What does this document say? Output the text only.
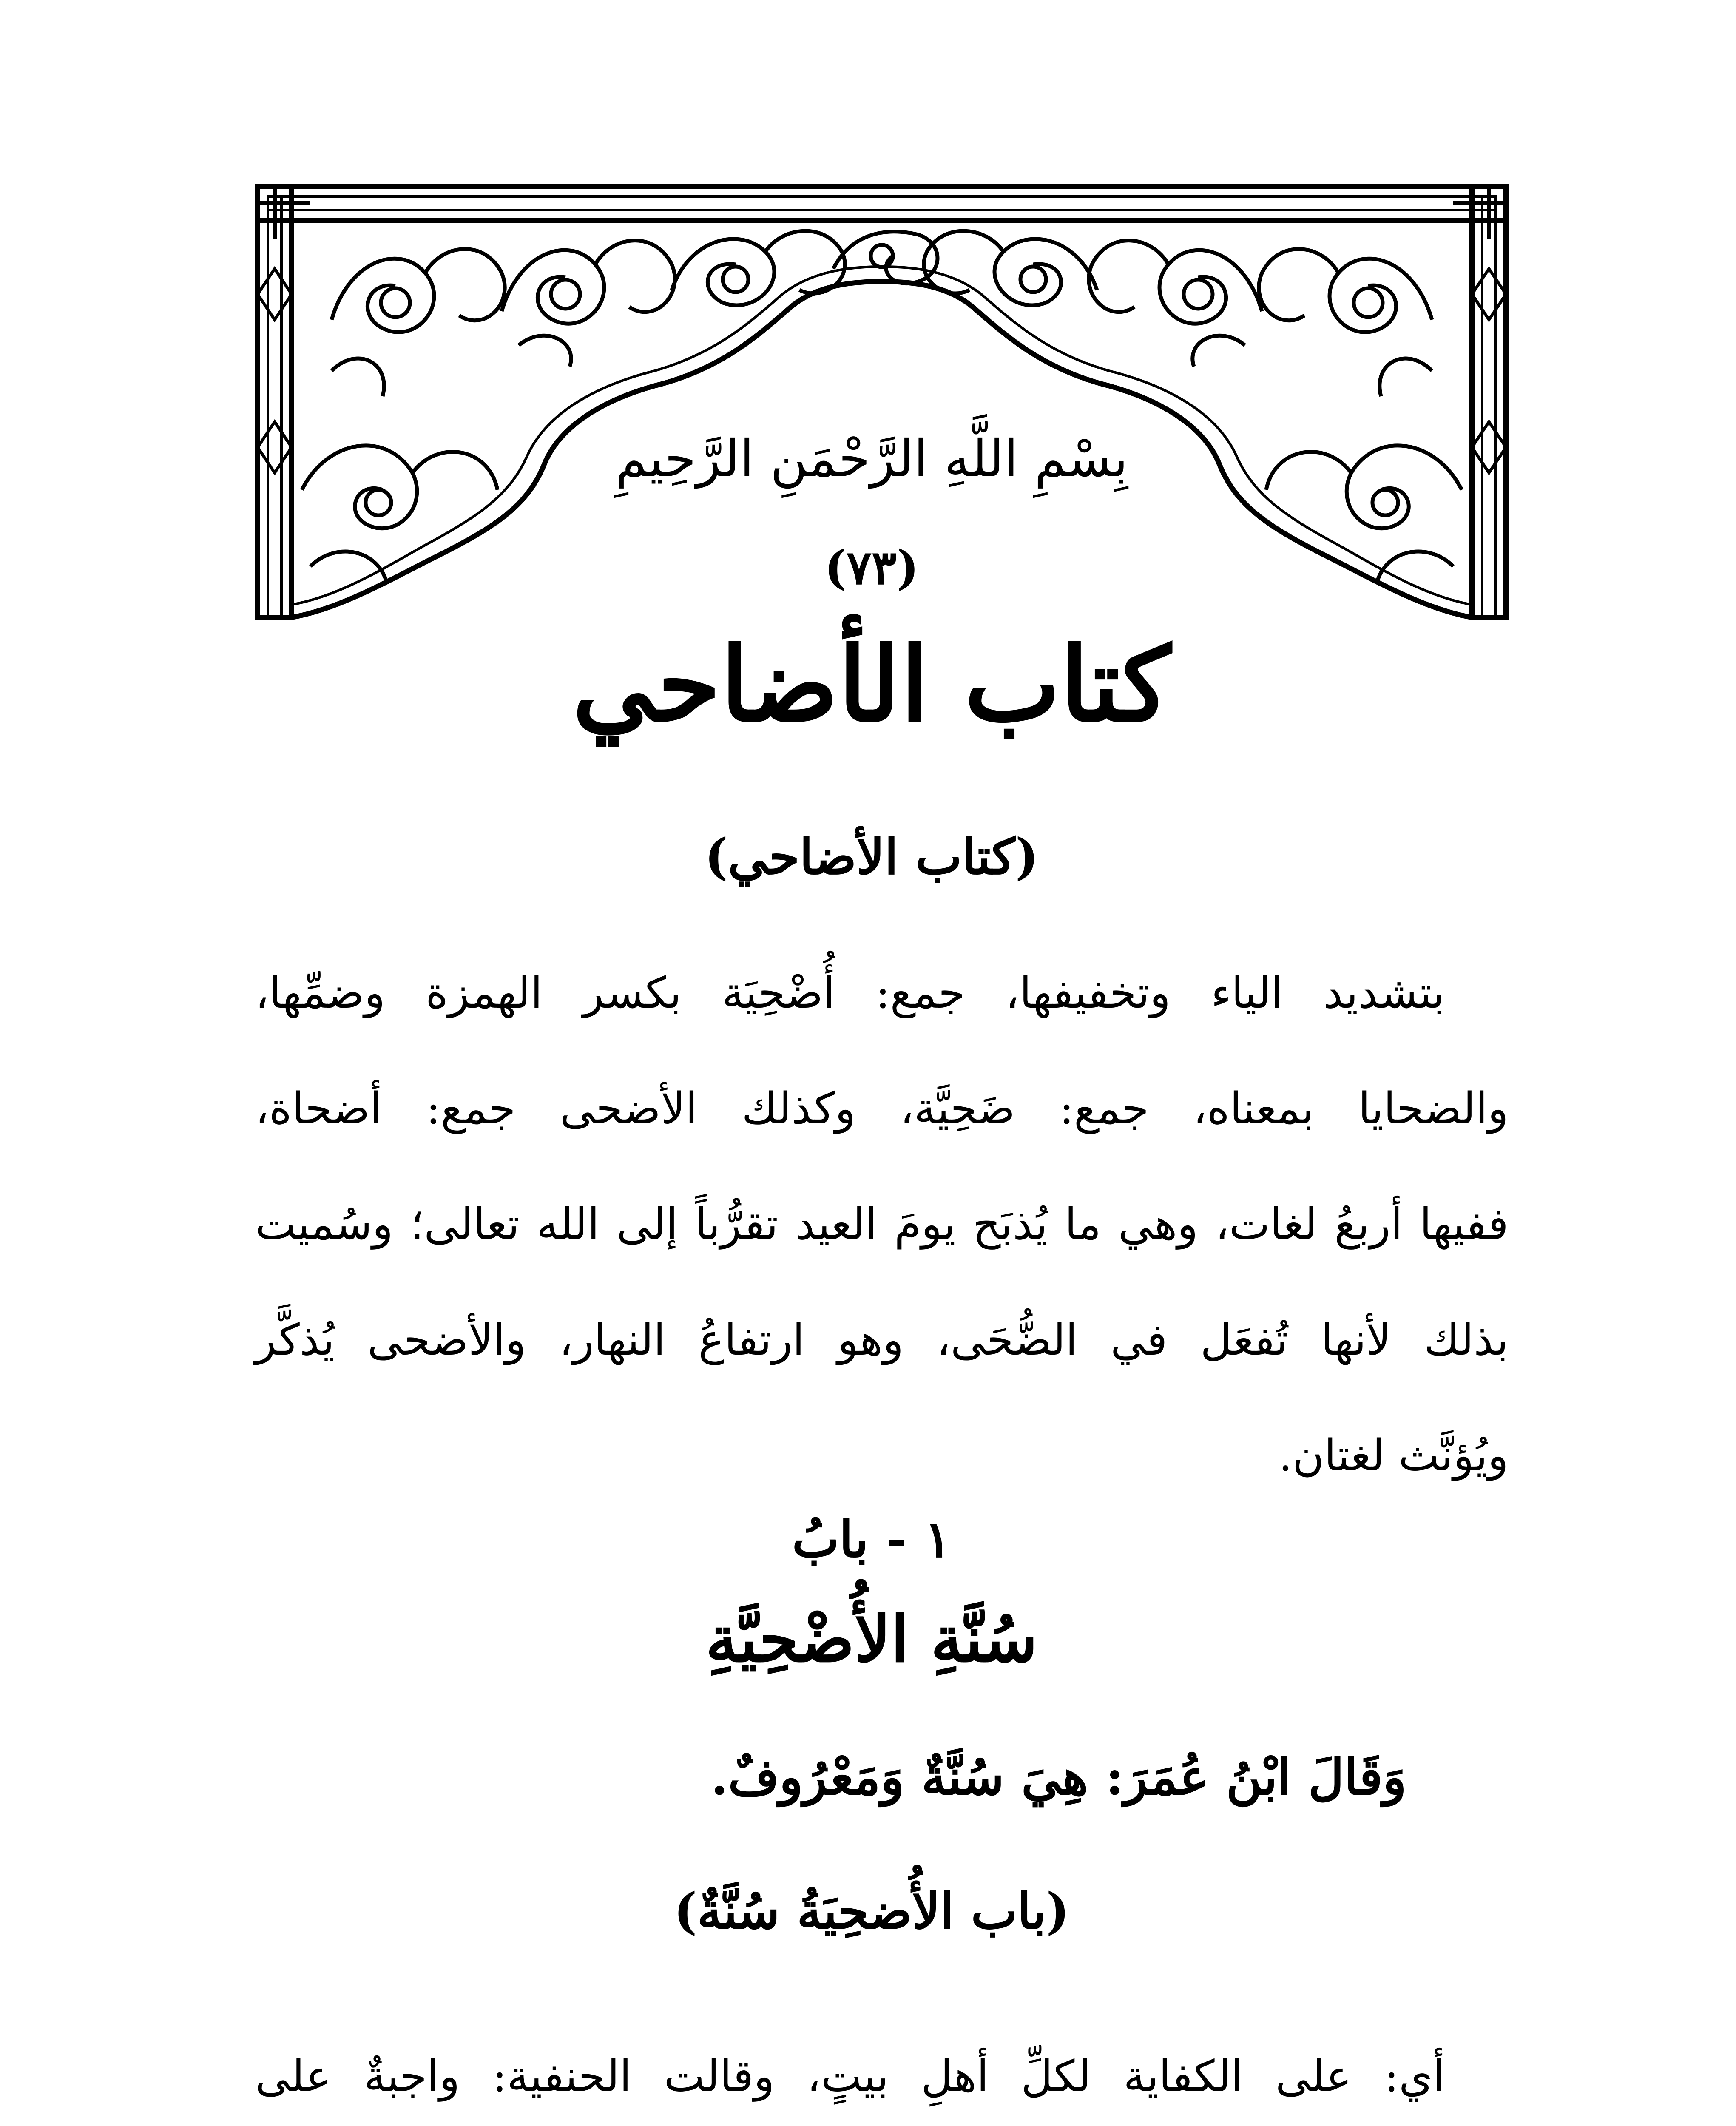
بِسْمِ اللَّهِ الرَّحْمَنِ الرَّحِيمِ
(٧٣)
كتاب الأضاحي
(كتاب الأضاحي)
بتشديد الياء وتخفيفها، جمع: أُضْحِيَة بكسر الهمزة وضمِّها،
والضحايا بمعناه، جمع: ضَحِيَّة، وكذلك الأضحى جمع: أضحاة،
ففيها أربعُ لغات، وهي ما يُذبَح يومَ العيد تقرُّباً إلى الله تعالى؛ وسُميت
بذلك لأنها تُفعَل في الضُّحَى، وهو ارتفاعُ النهار، والأضحى يُذكَّر
ويُؤنَّث لغتان.
١ - بابُ
سُنَّةِ الأُضْحِيَّةِ
وَقَالَ ابْنُ عُمَرَ: هِيَ سُنَّةٌ وَمَعْرُوفٌ.
(باب الأُضحِيَةُ سُنَّةٌ)
أي: على الكفاية لكلِّ أهلِ بيتٍ، وقالت الحنفية: واجبةٌ على
